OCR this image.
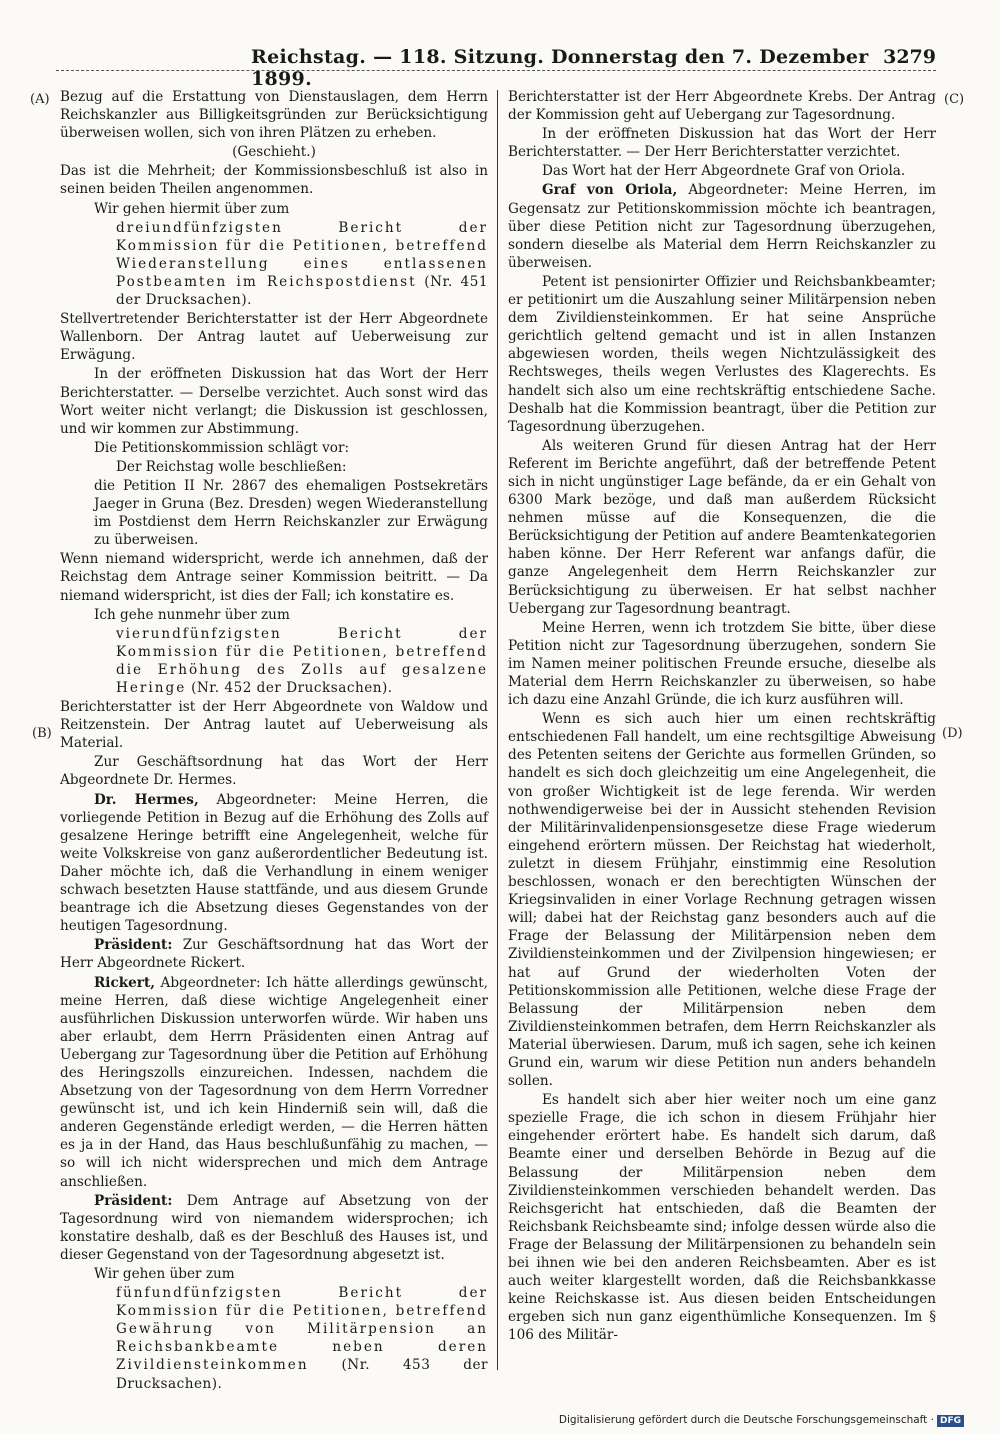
Reichstag. — 118. Sitzung. Donnerstag den 7. Dezember 1899.
3279
(A)
(B)
(C)
(D)

Bezug auf die Erstattung von Dienstauslagen, dem Herrn Reichskanzler aus Billigkeitsgründen zur Berücksichtigung überweisen wollen, sich von ihren Plätzen zu erheben.

(Geschieht.)

Das ist die Mehrheit; der Kommissionsbeschluß ist also in seinen beiden Theilen angenommen.

Wir gehen hiermit über zum

dreiundfünfzigsten Bericht der Kommission für die Petitionen, betreffend Wiederanstellung eines entlassenen Postbeamten im Reichspostdienst (Nr. 451 der Drucksachen).

Stellvertretender Berichterstatter ist der Herr Abgeordnete Wallenborn. Der Antrag lautet auf Ueberweisung zur Erwägung.

In der eröffneten Diskussion hat das Wort der Herr Berichterstatter. — Derselbe verzichtet. Auch sonst wird das Wort weiter nicht verlangt; die Diskussion ist geschlossen, und wir kommen zur Abstimmung.

Die Petitionskommission schlägt vor:

Der Reichstag wolle beschließen:

die Petition II Nr. 2867 des ehemaligen Postsekretärs Jaeger in Gruna (Bez. Dresden) wegen Wiederanstellung im Postdienst dem Herrn Reichskanzler zur Erwägung zu überweisen.

Wenn niemand widerspricht, werde ich annehmen, daß der Reichstag dem Antrage seiner Kommission beitritt. — Da niemand widerspricht, ist dies der Fall; ich konstatire es.

Ich gehe nunmehr über zum

vierundfünfzigsten Bericht der Kommission für die Petitionen, betreffend die Erhöhung des Zolls auf gesalzene Heringe (Nr. 452 der Drucksachen).

Berichterstatter ist der Herr Abgeordnete von Waldow und Reitzenstein. Der Antrag lautet auf Ueberweisung als Material.

Zur Geschäftsordnung hat das Wort der Herr Abgeordnete Dr. Hermes.

Dr. Hermes, Abgeordneter: Meine Herren, die vorliegende Petition in Bezug auf die Erhöhung des Zolls auf gesalzene Heringe betrifft eine Angelegenheit, welche für weite Volkskreise von ganz außerordentlicher Bedeutung ist. Daher möchte ich, daß die Verhandlung in einem weniger schwach besetzten Hause stattfände, und aus diesem Grunde beantrage ich die Absetzung dieses Gegenstandes von der heutigen Tagesordnung.

Präsident: Zur Geschäftsordnung hat das Wort der Herr Abgeordnete Rickert.

Rickert, Abgeordneter: Ich hätte allerdings gewünscht, meine Herren, daß diese wichtige Angelegenheit einer ausführlichen Diskussion unterworfen würde. Wir haben uns aber erlaubt, dem Herrn Präsidenten einen Antrag auf Uebergang zur Tagesordnung über die Petition auf Erhöhung des Heringszolls einzureichen. Indessen, nachdem die Absetzung von der Tagesordnung von dem Herrn Vorredner gewünscht ist, und ich kein Hinderniß sein will, daß die anderen Gegenstände erledigt werden, — die Herren hätten es ja in der Hand, das Haus beschlußunfähig zu machen, — so will ich nicht widersprechen und mich dem Antrage anschließen.

Präsident: Dem Antrage auf Absetzung von der Tagesordnung wird von niemandem widersprochen; ich konstatire deshalb, daß es der Beschluß des Hauses ist, und dieser Gegenstand von der Tagesordnung abgesetzt ist.

Wir gehen über zum

fünfundfünfzigsten Bericht der Kommission für die Petitionen, betreffend Gewährung von Militärpension an Reichsbankbeamte neben deren Zivildiensteinkommen (Nr. 453 der Drucksachen).

Berichterstatter ist der Herr Abgeordnete Krebs. Der Antrag der Kommission geht auf Uebergang zur Tagesordnung.

In der eröffneten Diskussion hat das Wort der Herr Berichterstatter. — Der Herr Berichterstatter verzichtet.

Das Wort hat der Herr Abgeordnete Graf von Oriola.

Graf von Oriola, Abgeordneter: Meine Herren, im Gegensatz zur Petitionskommission möchte ich beantragen, über diese Petition nicht zur Tagesordnung überzugehen, sondern dieselbe als Material dem Herrn Reichskanzler zu überweisen.

Petent ist pensionirter Offizier und Reichsbankbeamter; er petitionirt um die Auszahlung seiner Militärpension neben dem Zivildiensteinkommen. Er hat seine Ansprüche gerichtlich geltend gemacht und ist in allen Instanzen abgewiesen worden, theils wegen Nichtzulässigkeit des Rechtsweges, theils wegen Verlustes des Klagerechts. Es handelt sich also um eine rechtskräftig entschiedene Sache. Deshalb hat die Kommission beantragt, über die Petition zur Tagesordnung überzugehen.

Als weiteren Grund für diesen Antrag hat der Herr Referent im Berichte angeführt, daß der betreffende Petent sich in nicht ungünstiger Lage befände, da er ein Gehalt von 6300 Mark bezöge, und daß man außerdem Rücksicht nehmen müsse auf die Konsequenzen, die die Berücksichtigung der Petition auf andere Beamtenkategorien haben könne. Der Herr Referent war anfangs dafür, die ganze Angelegenheit dem Herrn Reichskanzler zur Berücksichtigung zu überweisen. Er hat selbst nachher Uebergang zur Tagesordnung beantragt.

Meine Herren, wenn ich trotzdem Sie bitte, über diese Petition nicht zur Tagesordnung überzugehen, sondern Sie im Namen meiner politischen Freunde ersuche, dieselbe als Material dem Herrn Reichskanzler zu überweisen, so habe ich dazu eine Anzahl Gründe, die ich kurz ausführen will.

Wenn es sich auch hier um einen rechtskräftig entschiedenen Fall handelt, um eine rechtsgiltige Abweisung des Petenten seitens der Gerichte aus formellen Gründen, so handelt es sich doch gleichzeitig um eine Angelegenheit, die von großer Wichtigkeit ist de lege ferenda. Wir werden nothwendigerweise bei der in Aussicht stehenden Revision der Militärinvalidenpensionsgesetze diese Frage wiederum eingehend erörtern müssen. Der Reichstag hat wiederholt, zuletzt in diesem Frühjahr, einstimmig eine Resolution beschlossen, wonach er den berechtigten Wünschen der Kriegsinvaliden in einer Vorlage Rechnung getragen wissen will; dabei hat der Reichstag ganz besonders auch auf die Frage der Belassung der Militärpension neben dem Zivildiensteinkommen und der Zivilpension hingewiesen; er hat auf Grund der wiederholten Voten der Petitionskommission alle Petitionen, welche diese Frage der Belassung der Militärpension neben dem Zivildiensteinkommen betrafen, dem Herrn Reichskanzler als Material überwiesen. Darum, muß ich sagen, sehe ich keinen Grund ein, warum wir diese Petition nun anders behandeln sollen.

Es handelt sich aber hier weiter noch um eine ganz spezielle Frage, die ich schon in diesem Frühjahr hier eingehender erörtert habe. Es handelt sich darum, daß Beamte einer und derselben Behörde in Bezug auf die Belassung der Militärpension neben dem Zivildiensteinkommen verschieden behandelt werden. Das Reichsgericht hat entschieden, daß die Beamten der Reichsbank Reichsbeamte sind; infolge dessen würde also die Frage der Belassung der Militärpensionen zu behandeln sein bei ihnen wie bei den anderen Reichsbeamten. Aber es ist auch weiter klargestellt worden, daß die Reichsbankkasse keine Reichskasse ist. Aus diesen beiden Entscheidungen ergeben sich nun ganz eigenthümliche Konsequenzen. Im § 106 des Militär-

Digitalisierung gefördert durch die Deutsche Forschungsgemeinschaft · DFG
